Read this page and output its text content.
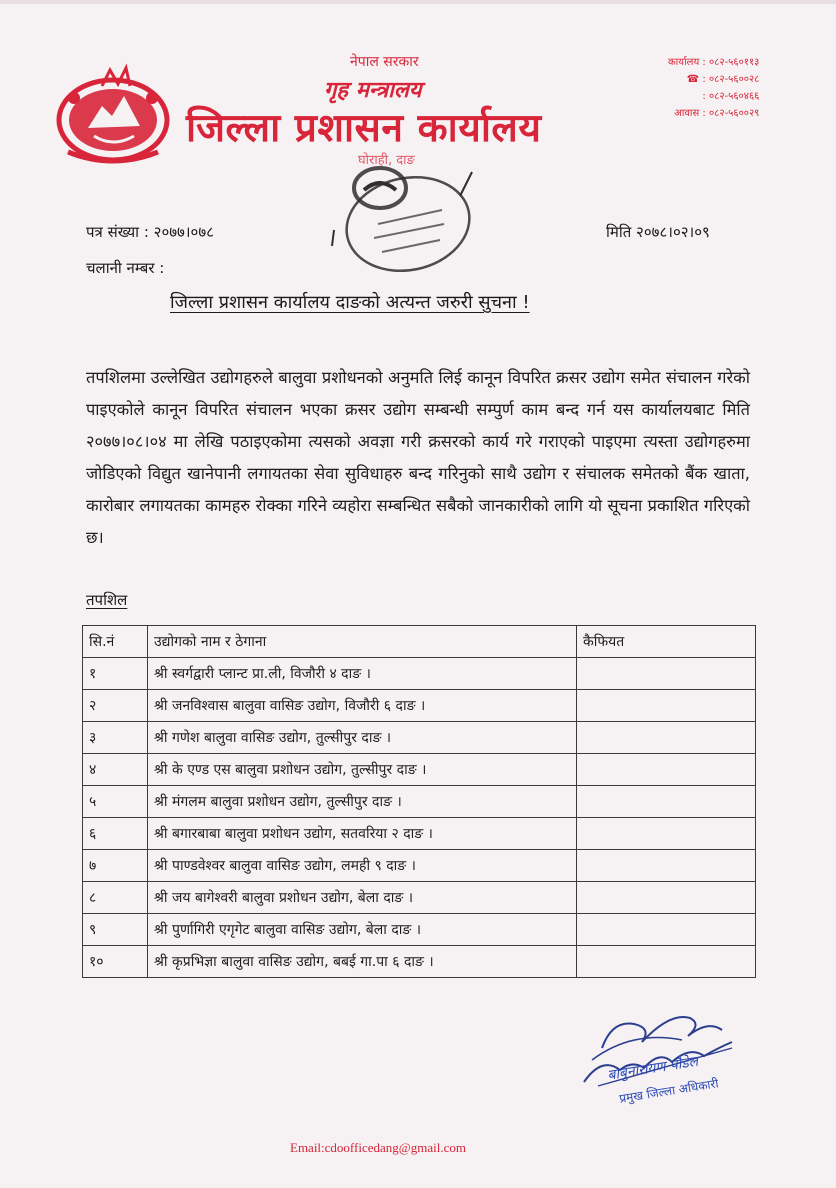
नेपाल सरकार
गृह मन्त्रालय
जिल्ला प्रशासन कार्यालय
घोराही, दाङ
कार्यालय : ०८२-५६०११३
☎ : ०८२-५६००२८
: ०८२-५६०४६६
आवास : ०८२-५६००२९
पत्र संख्या : २०७७।०७८	मिति २०७८।०२।०९
चलानी नम्बर :
जिल्ला प्रशासन कार्यालय दाङको अत्यन्त जरुरी सुचना !
तपशिलमा उल्लेखित उद्योगहरुले बालुवा प्रशोधनको अनुमति लिई कानून विपरित क्रसर उद्योग समेत संचालन गरेको पाइएकोले कानून विपरित संचालन भएका क्रसर उद्योग सम्बन्धी सम्पुर्ण काम बन्द गर्न यस कार्यालयबाट मिति २०७७।०८।०४ मा लेखि पठाइएकोमा त्यसको अवज्ञा गरी क्रसरको कार्य गरे गराएको पाइएमा त्यस्ता उद्योगहरुमा जोडिएको विद्युत खानेपानी लगायतका सेवा सुविधाहरु बन्द गरिनुको साथै उद्योग र संचालक समेतको बैंक खाता, कारोबार लगायतका कामहरु रोक्का गरिने व्यहोरा सम्बन्धित सबैको जानकारीको लागि यो सूचना प्रकाशित गरिएको छ।
तपशिल
सि.नं	उद्योगको नाम र ठेगाना	कैफियत
१	श्री स्वर्गद्वारी प्लान्ट प्रा.ली, विजौरी ४ दाङ ।	
२	श्री जनविश्वास बालुवा वासिङ उद्योग, विजौरी ६ दाङ ।	
३	श्री गणेश बालुवा वासिङ उद्योग, तुल्सीपुर दाङ ।	
४	श्री के एण्ड एस बालुवा प्रशोधन उद्योग, तुल्सीपुर दाङ ।	
५	श्री मंगलम बालुवा प्रशोधन उद्योग, तुल्सीपुर दाङ ।	
६	श्री बगारबाबा बालुवा प्रशोधन उद्योग, सतवरिया २ दाङ ।	
७	श्री पाण्डवेश्वर बालुवा वासिङ उद्योग, लमही ९ दाङ ।	
८	श्री जय बागेश्वरी बालुवा प्रशोधन उद्योग, बेला दाङ ।	
९	श्री पुर्णागिरी एगृगेट बालुवा वासिङ उद्योग, बेला दाङ ।	
१०	श्री कृप्रभिज्ञा बालुवा वासिङ उद्योग, बबई गा.पा ६ दाङ ।	
बाबुनारायण पौडेल
प्रमुख जिल्ला अधिकारी
Email:cdoofficedang@gmail.com
